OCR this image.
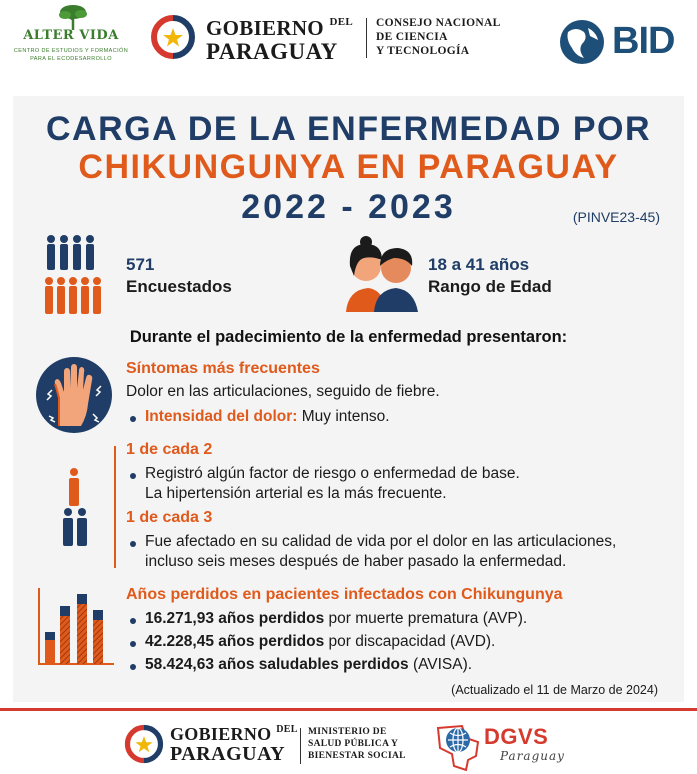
ALTER VIDA
CENTRO DE ESTUDIOS Y FORMACIÓN
PARA EL ECODESARROLLO
GOBIERNO $^{DEL}$
PARAGUAY
CONSEJO NACIONAL
DE CIENCIA
Y TECNOLOGÍA	BID
CARGA DE LA ENFERMEDAD POR
CHIKUNGUNYA EN PARAGUAY
2022 - 2023	(PINVE23-45)
571
Encuestados
18 a 41 años
Rango de Edad
Durante el padecimiento de la enfermedad presentaron:
Síntomas más frecuentes
Dolor en las articulaciones, seguido de fiebre.
Intensidad del dolor: Muy intenso.
1 de cada 2
Registró algún factor de riesgo o enfermedad de base.
La hipertensión arterial es la más frecuente.
1 de cada 3
Fue afectado en su calidad de vida por el dolor en las articulaciones,
incluso seis meses después de haber pasado la enfermedad.
Años perdidos en pacientes infectados con Chikungunya
16.271,93 años perdidos por muerte prematura (AVP).
42.228,45 años perdidos por discapacidad (AVD).
58.424,63 años saludables perdidos (AVISA).
(Actualizado el 11 de Marzo de 2024)
GOBIERNO $^{DEL}$
PARAGUAY
MINISTERIO DE
SALUD PÚBLICA Y
BIENESTAR SOCIAL
DGVS
Paraguay
